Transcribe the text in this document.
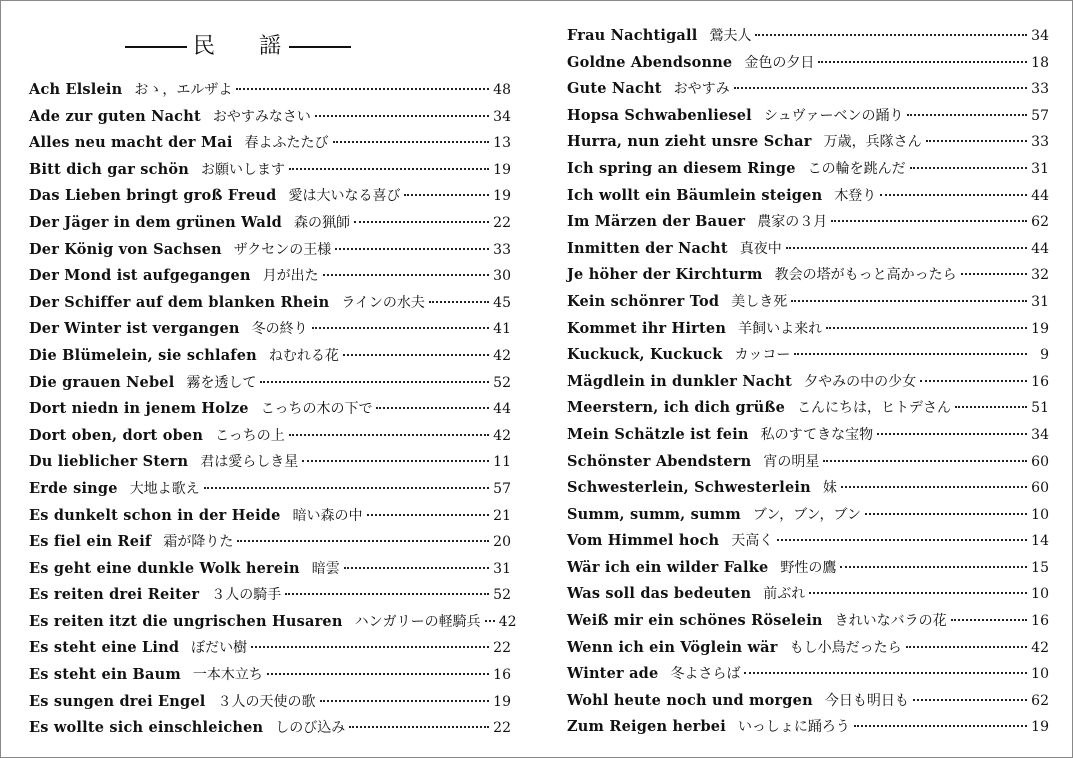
民 謡
Ach Elslein おゝ，エルザよ	48
Ade zur guten Nacht おやすみなさい	34
Alles neu macht der Mai 春よふたたび	13
Bitt dich gar schön お願いします	19
Das Lieben bringt groß Freud 愛は大いなる喜び	19
Der Jäger in dem grünen Wald 森の猟師	22
Der König von Sachsen ザクセンの王様	33
Der Mond ist aufgegangen 月が出た	30
Der Schiffer auf dem blanken Rhein ラインの水夫	45
Der Winter ist vergangen 冬の終り	41
Die Blümelein, sie schlafen ねむれる花	42
Die grauen Nebel 霧を透して	52
Dort niedn in jenem Holze こっちの木の下で	44
Dort oben, dort oben こっちの上	42
Du lieblicher Stern 君は愛らしき星	11
Erde singe 大地よ歌え	57
Es dunkelt schon in der Heide 暗い森の中	21
Es fiel ein Reif 霜が降りた	20
Es geht eine dunkle Wolk herein 暗雲	31
Es reiten drei Reiter ３人の騎手	52
Es reiten itzt die ungrischen Husaren ハンガリーの軽騎兵 42
Es steht eine Lind ぼだい樹	22
Es steht ein Baum 一本木立ち	16
Es sungen drei Engel ３人の天使の歌	19
Es wollte sich einschleichen しのび込み	22
Frau Nachtigall 鶯夫人	34
Goldne Abendsonne 金色の夕日	18
Gute Nacht おやすみ	33
Hopsa Schwabenliesel シュヴァーベンの踊り	57
Hurra, nun zieht unsre Schar 万歳，兵隊さん	33
Ich spring an diesem Ringe この輪を跳んだ	31
Ich wollt ein Bäumlein steigen 木登り	44
Im Märzen der Bauer 農家の３月	62
Inmitten der Nacht 真夜中	44
Je höher der Kirchturm 教会の塔がもっと高かったら	32
Kein schönrer Tod 美しき死	31
Kommet ihr Hirten 羊飼いよ来れ	19
Kuckuck, Kuckuck カッコー	9
Mägdlein in dunkler Nacht 夕やみの中の少女	16
Meerstern, ich dich grüße こんにちは，ヒトデさん	51
Mein Schätzle ist fein 私のすてきな宝物	34
Schönster Abendstern 宵の明星	60
Schwesterlein, Schwesterlein 妹	60
Summ, summ, summ ブン，ブン，ブン	10
Vom Himmel hoch 天高く	14
Wär ich ein wilder Falke 野性の鷹	15
Was soll das bedeuten 前ぶれ	10
Weiß mir ein schönes Röselein きれいなバラの花	16
Wenn ich ein Vöglein wär もし小鳥だったら	42
Winter ade 冬よさらば	10
Wohl heute noch und morgen 今日も明日も	62
Zum Reigen herbei いっしょに踊ろう	19
